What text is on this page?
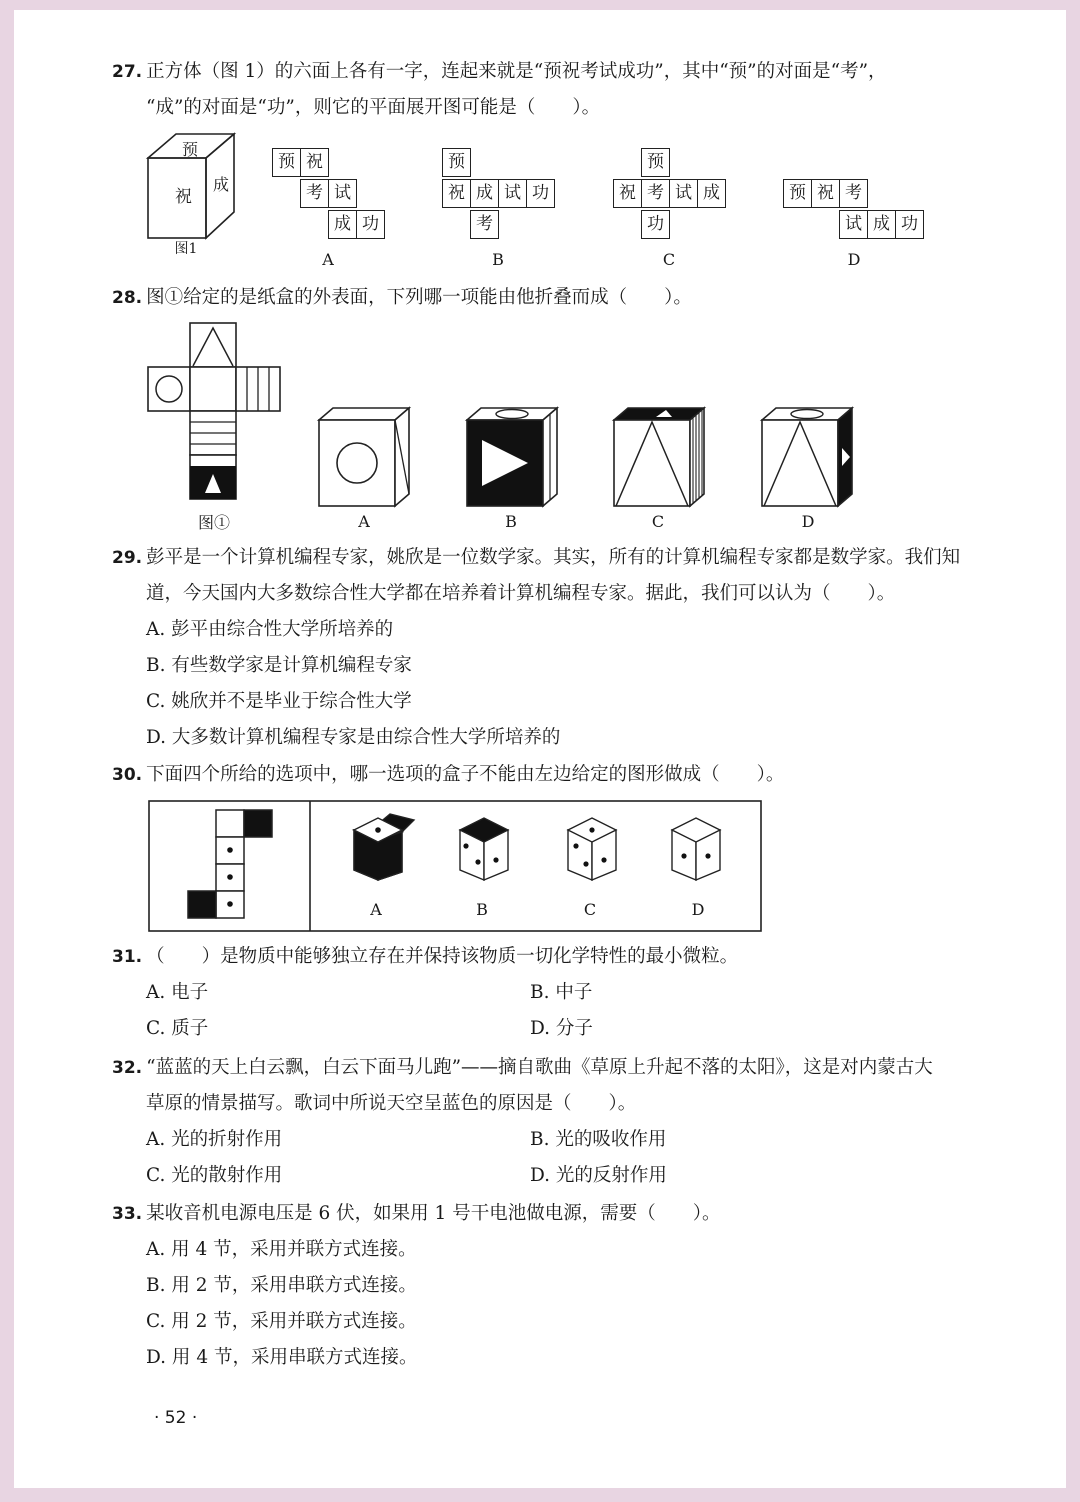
27. 正方体（图 1）的六面上各有一字，连起来就是“预祝考试成功”，其中“预”的对面是“考”，
“成”的对面是“功”，则它的平面展开图可能是（　　）。
预
祝
成
图1
预 祝
考 试
成 功
A
预
祝 成 试 功
考
B
预
祝 考 试 成
功
C
预 祝 考
试 成 功
D
28. 图①给定的是纸盒的外表面，下列哪一项能由他折叠而成（　　）。
图①	A	B	C	D
29. 彭平是一个计算机编程专家，姚欣是一位数学家。其实，所有的计算机编程专家都是数学家。我们知
道，今天国内大多数综合性大学都在培养着计算机编程专家。据此，我们可以认为（　　）。
A. 彭平由综合性大学所培养的
B. 有些数学家是计算机编程专家
C. 姚欣并不是毕业于综合性大学
D. 大多数计算机编程专家是由综合性大学所培养的
30. 下面四个所给的选项中，哪一选项的盒子不能由左边给定的图形做成（　　）。
A	B	C	D
31. （　　）是物质中能够独立存在并保持该物质一切化学特性的最小微粒。
A. 电子	B. 中子
C. 质子	D. 分子
32. “蓝蓝的天上白云飘，白云下面马儿跑”——摘自歌曲《草原上升起不落的太阳》，这是对内蒙古大
草原的情景描写。歌词中所说天空呈蓝色的原因是（　　）。
A. 光的折射作用	B. 光的吸收作用
C. 光的散射作用	D. 光的反射作用
33. 某收音机电源电压是 6 伏，如果用 1 号干电池做电源，需要（　　）。
A. 用 4 节，采用并联方式连接。
B. 用 2 节，采用串联方式连接。
C. 用 2 节，采用并联方式连接。
D. 用 4 节，采用串联方式连接。
· 52 ·
